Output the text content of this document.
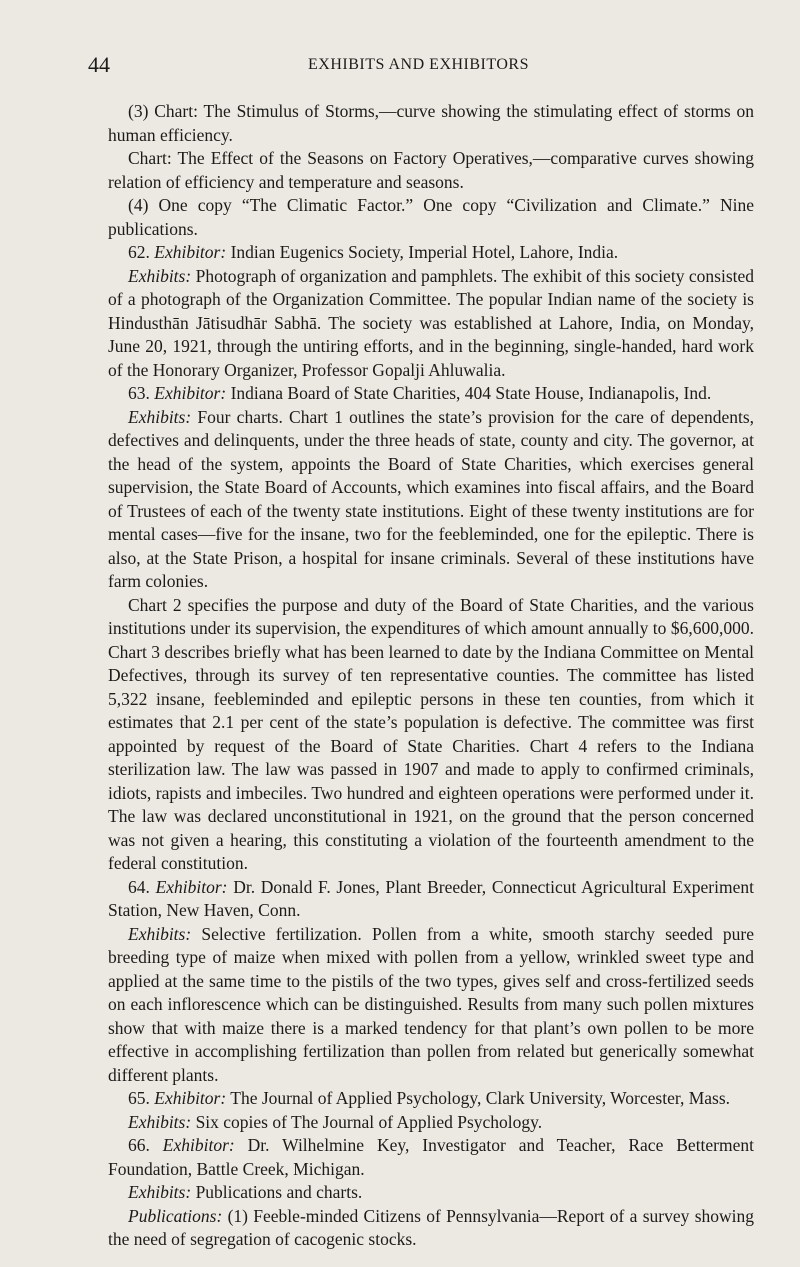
44	EXHIBITS AND EXHIBITORS

(3) Chart: The Stimulus of Storms,—curve showing the stimulating effect of storms on human efficiency.

Chart: The Effect of the Seasons on Factory Operatives,—comparative curves showing relation of efficiency and temperature and seasons.

(4) One copy “The Climatic Factor.” One copy “Civilization and Climate.” Nine publications.

62. Exhibitor: Indian Eugenics Society, Imperial Hotel, Lahore, India.

Exhibits: Photograph of organization and pamphlets. The exhibit of this society consisted of a photograph of the Organization Committee. The popular Indian name of the society is Hindusthān Jātisudhār Sabhā. The society was established at Lahore, India, on Monday, June 20, 1921, through the untiring efforts, and in the beginning, single-handed, hard work of the Honorary Organizer, Professor Gopalji Ahluwalia.

63. Exhibitor: Indiana Board of State Charities, 404 State House, Indianapolis, Ind.

Exhibits: Four charts. Chart 1 outlines the state’s provision for the care of dependents, defectives and delinquents, under the three heads of state, county and city. The governor, at the head of the system, appoints the Board of State Charities, which exercises general supervision, the State Board of Accounts, which examines into fiscal affairs, and the Board of Trustees of each of the twenty state institutions. Eight of these twenty institutions are for mental cases—five for the insane, two for the feebleminded, one for the epileptic. There is also, at the State Prison, a hospital for insane criminals. Several of these institutions have farm colonies.

Chart 2 specifies the purpose and duty of the Board of State Charities, and the various institutions under its supervision, the expenditures of which amount annually to $6,600,000. Chart 3 describes briefly what has been learned to date by the Indiana Committee on Mental Defectives, through its survey of ten representative counties. The committee has listed 5,322 insane, feebleminded and epileptic persons in these ten counties, from which it estimates that 2.1 per cent of the state’s population is defective. The committee was first appointed by request of the Board of State Charities. Chart 4 refers to the Indiana sterilization law. The law was passed in 1907 and made to apply to confirmed criminals, idiots, rapists and imbeciles. Two hundred and eighteen operations were performed under it. The law was declared unconstitutional in 1921, on the ground that the person concerned was not given a hearing, this constituting a violation of the fourteenth amendment to the federal constitution.

64. Exhibitor: Dr. Donald F. Jones, Plant Breeder, Connecticut Agricultural Experiment Station, New Haven, Conn.

Exhibits: Selective fertilization. Pollen from a white, smooth starchy seeded pure breeding type of maize when mixed with pollen from a yellow, wrinkled sweet type and applied at the same time to the pistils of the two types, gives self and cross-fertilized seeds on each inflorescence which can be distinguished. Results from many such pollen mixtures show that with maize there is a marked tendency for that plant’s own pollen to be more effective in accomplishing fertilization than pollen from related but generically somewhat different plants.

65. Exhibitor: The Journal of Applied Psychology, Clark University, Worcester, Mass.

Exhibits: Six copies of The Journal of Applied Psychology.

66. Exhibitor: Dr. Wilhelmine Key, Investigator and Teacher, Race Betterment Foundation, Battle Creek, Michigan.

Exhibits: Publications and charts.

Publications: (1) Feeble-minded Citizens of Pennsylvania—Report of a survey showing the need of segregation of cacogenic stocks.
